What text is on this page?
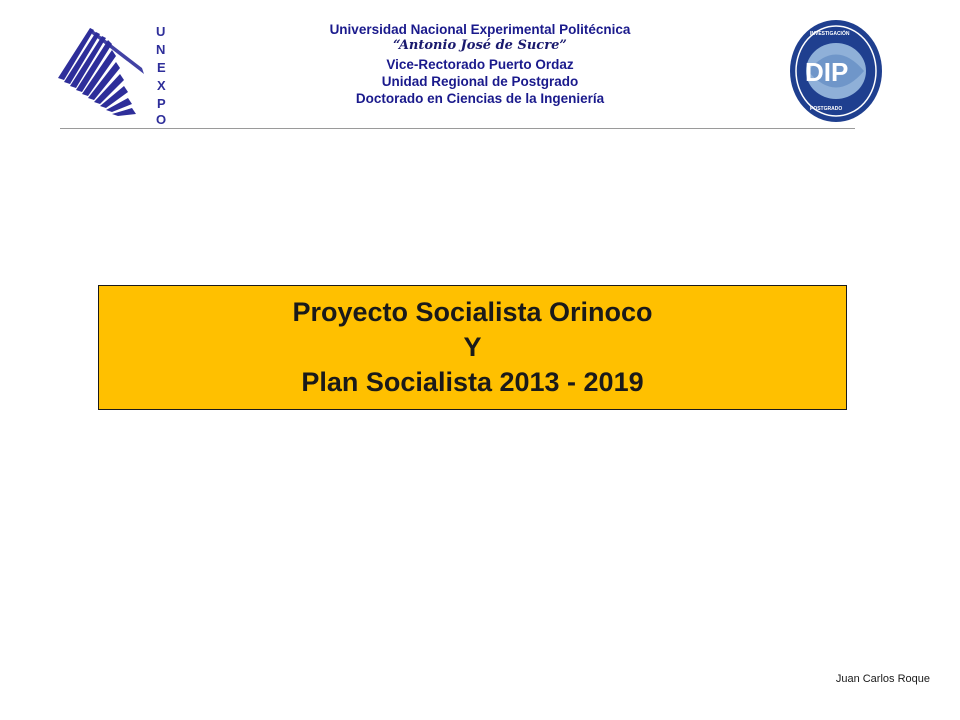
U
N
E
X
P
O
Universidad Nacional Experimental Politécnica
“Antonio José de Sucre”
Vice-Rectorado Puerto Ordaz
Unidad Regional de Postgrado
Doctorado en Ciencias de la Ingeniería
DIP
INVESTIGACIÓN
POSTGRADO
Proyecto Socialista Orinoco
Y
Plan Socialista 2013 - 2019
Juan Carlos Roque
